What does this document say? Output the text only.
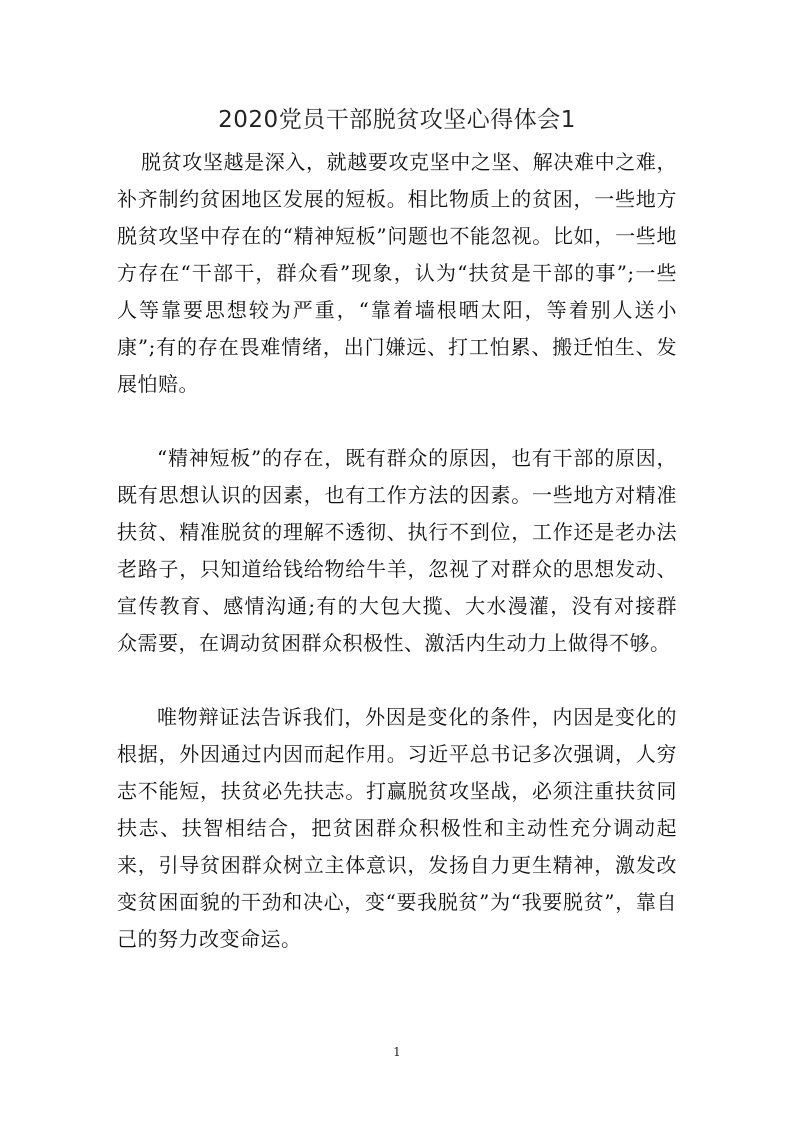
2020党员干部脱贫攻坚心得体会1

脱贫攻坚越是深入，就越要攻克坚中之坚、解决难中之难，补齐制约贫困地区发展的短板。相比物质上的贫困，一些地方脱贫攻坚中存在的“精神短板”问题也不能忽视。比如，一些地方存在“干部干，群众看”现象，认为“扶贫是干部的事”;一些人等靠要思想较为严重，“靠着墙根晒太阳，等着别人送小康”;有的存在畏难情绪，出门嫌远、打工怕累、搬迁怕生、发展怕赔。

“精神短板”的存在，既有群众的原因，也有干部的原因，既有思想认识的因素，也有工作方法的因素。一些地方对精准扶贫、精准脱贫的理解不透彻、执行不到位，工作还是老办法老路子，只知道给钱给物给牛羊，忽视了对群众的思想发动、宣传教育、感情沟通;有的大包大揽、大水漫灌，没有对接群众需要，在调动贫困群众积极性、激活内生动力上做得不够。

唯物辩证法告诉我们，外因是变化的条件，内因是变化的根据，外因通过内因而起作用。习近平总书记多次强调，人穷志不能短，扶贫必先扶志。打赢脱贫攻坚战，必须注重扶贫同扶志、扶智相结合，把贫困群众积极性和主动性充分调动起来，引导贫困群众树立主体意识，发扬自力更生精神，激发改变贫困面貌的干劲和决心，变“要我脱贫”为“我要脱贫”，靠自己的努力改变命运。

1
